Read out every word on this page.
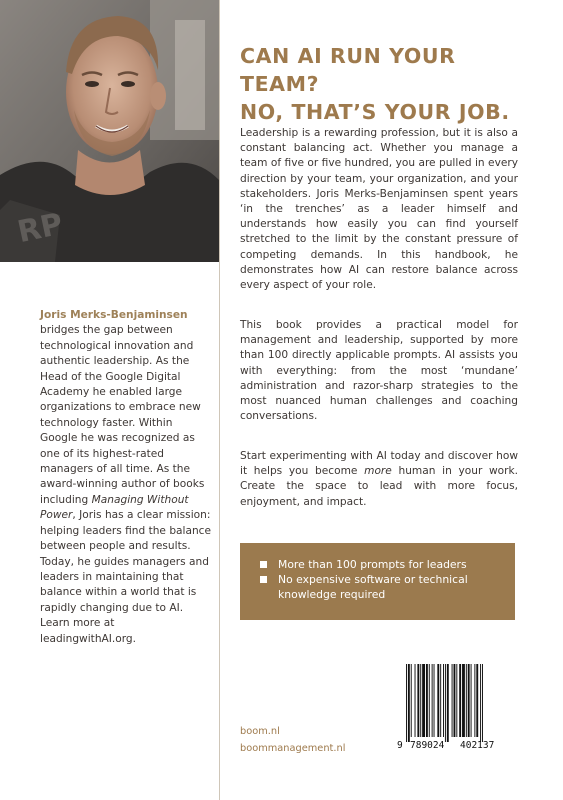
RP
Joris Merks-Benjaminsen bridges the gap between technological innovation and authentic leadership. As the Head of the Google Digital Academy he enabled large organizations to embrace new technology faster. Within Google he was recognized as one of its highest-rated managers of all time. As the award-winning author of books including Managing Without Power, Joris has a clear mission: helping leaders find the balance between people and results. Today, he guides managers and leaders in maintaining that balance within a world that is rapidly changing due to AI. Learn more at leadingwithAI.org.
CAN AI RUN YOUR TEAM?
NO, THAT’S YOUR JOB.
Leadership is a rewarding profession, but it is also a constant balancing act. Whether you manage a team of five or five hundred, you are pulled in every direction by your team, your organization, and your stakeholders. Joris Merks-Benjaminsen spent years ‘in the trenches’ as a leader himself and understands how easily you can find yourself stretched to the limit by the constant pressure of competing demands. In this handbook, he demonstrates how AI can restore balance across every aspect of your role.
This book provides a practical model for management and leadership, supported by more than 100 directly applicable prompts. AI assists you with everything: from the most ‘mundane’ administration and razor-sharp strategies to the most nuanced human challenges and coaching conversations.
Start experimenting with AI today and discover how it helps you become more human in your work. Create the space to lead with more focus, enjoyment, and impact.
More than 100 prompts for leaders
No expensive software or technical knowledge required
boom.nl
boommanagement.nl	9 789024 402137
